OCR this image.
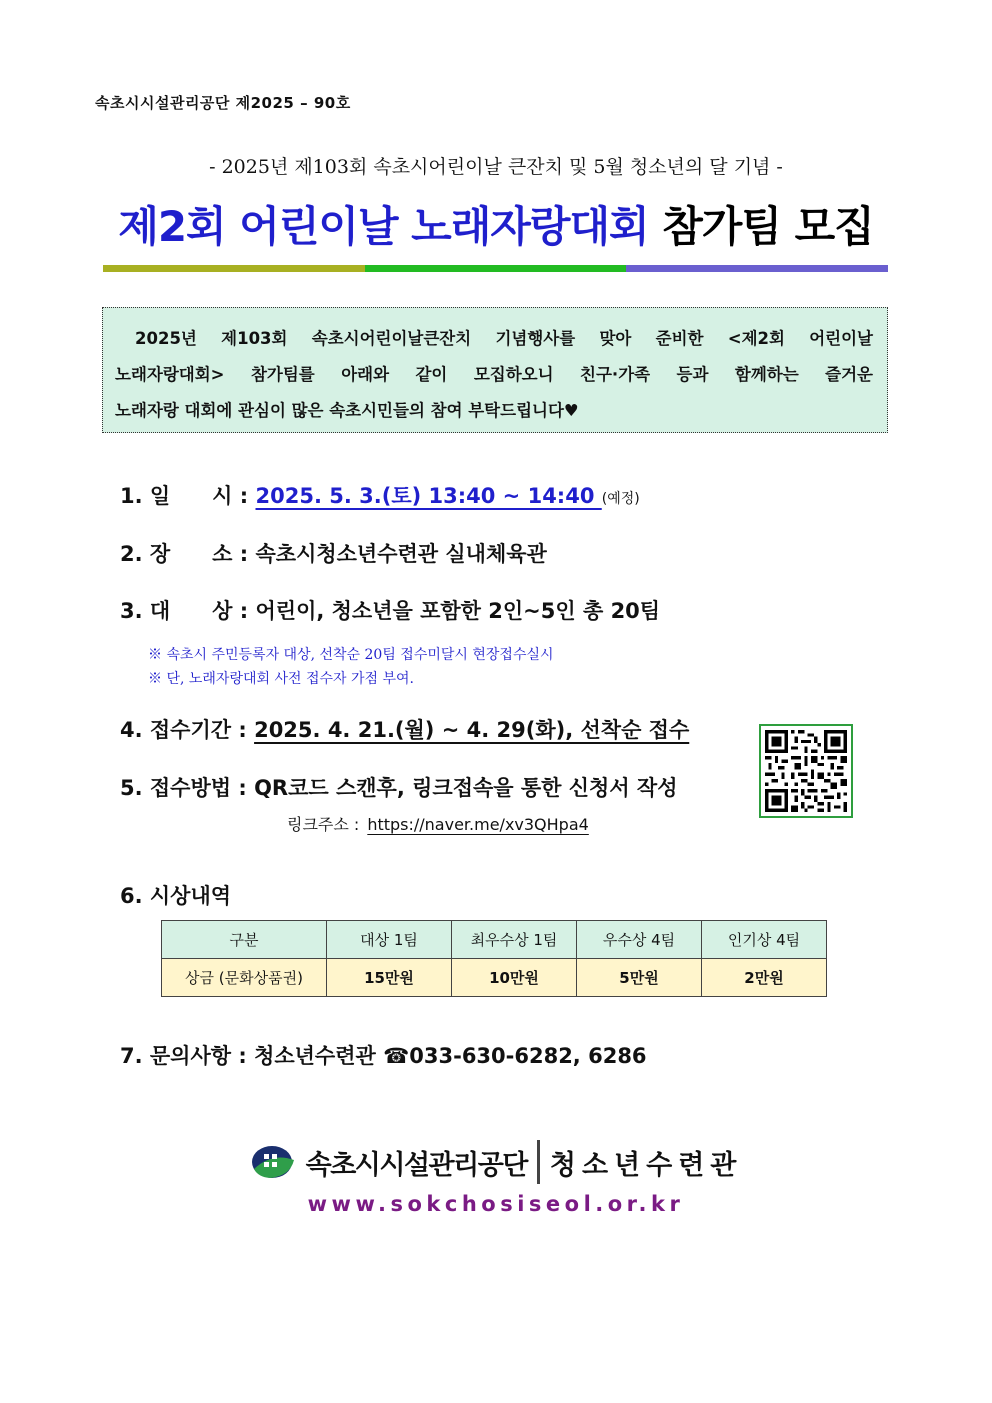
속초시시설관리공단 제2025 – 90호
- 2025년 제103회 속초시어린이날 큰잔치 및 5월 청소년의 달 기념 -
제2회 어린이날 노래자랑대회 참가팀 모집

2025년 제103회 속초시어린이날큰잔치 기념행사를 맞아 준비한 <제2회 어린이날

노래자랑대회> 참가팀를 아래와 같이 모집하오니 친구·가족 등과 함께하는 즐거운

노래자랑 대회에 관심이 많은 속초시민들의 참여 부탁드립니다♥

1. 일　　시 : 2025. 5. 3.(토) 13:40 ~ 14:40 (예정)
2. 장　　소 : 속초시청소년수련관 실내체육관
3. 대　　상 : 어린이, 청소년을 포함한 2인~5인 총 20팀
※ 속초시 주민등록자 대상, 선착순 20팀 접수미달시 현장접수실시
※ 단, 노래자랑대회 사전 접수자 가점 부여.
4. 접수기간 : 2025. 4. 21.(월) ~ 4. 29(화), 선착순 접수
5. 접수방법 : QR코드 스캔후, 링크접속을 통한 신청서 작성
링크주소 : https://naver.me/xv3QHpa4
6. 시상내역
구분	대상 1팀	최우수상 1팀	우수상 4팀	인기상 4팀
상금 (문화상품권)	15만원	10만원	5만원	2만원
7. 문의사항 : 청소년수련관 ☎033-630-6282, 6286
속초시시설관리공단 청소년수련관
www.sokchosiseol.or.kr
